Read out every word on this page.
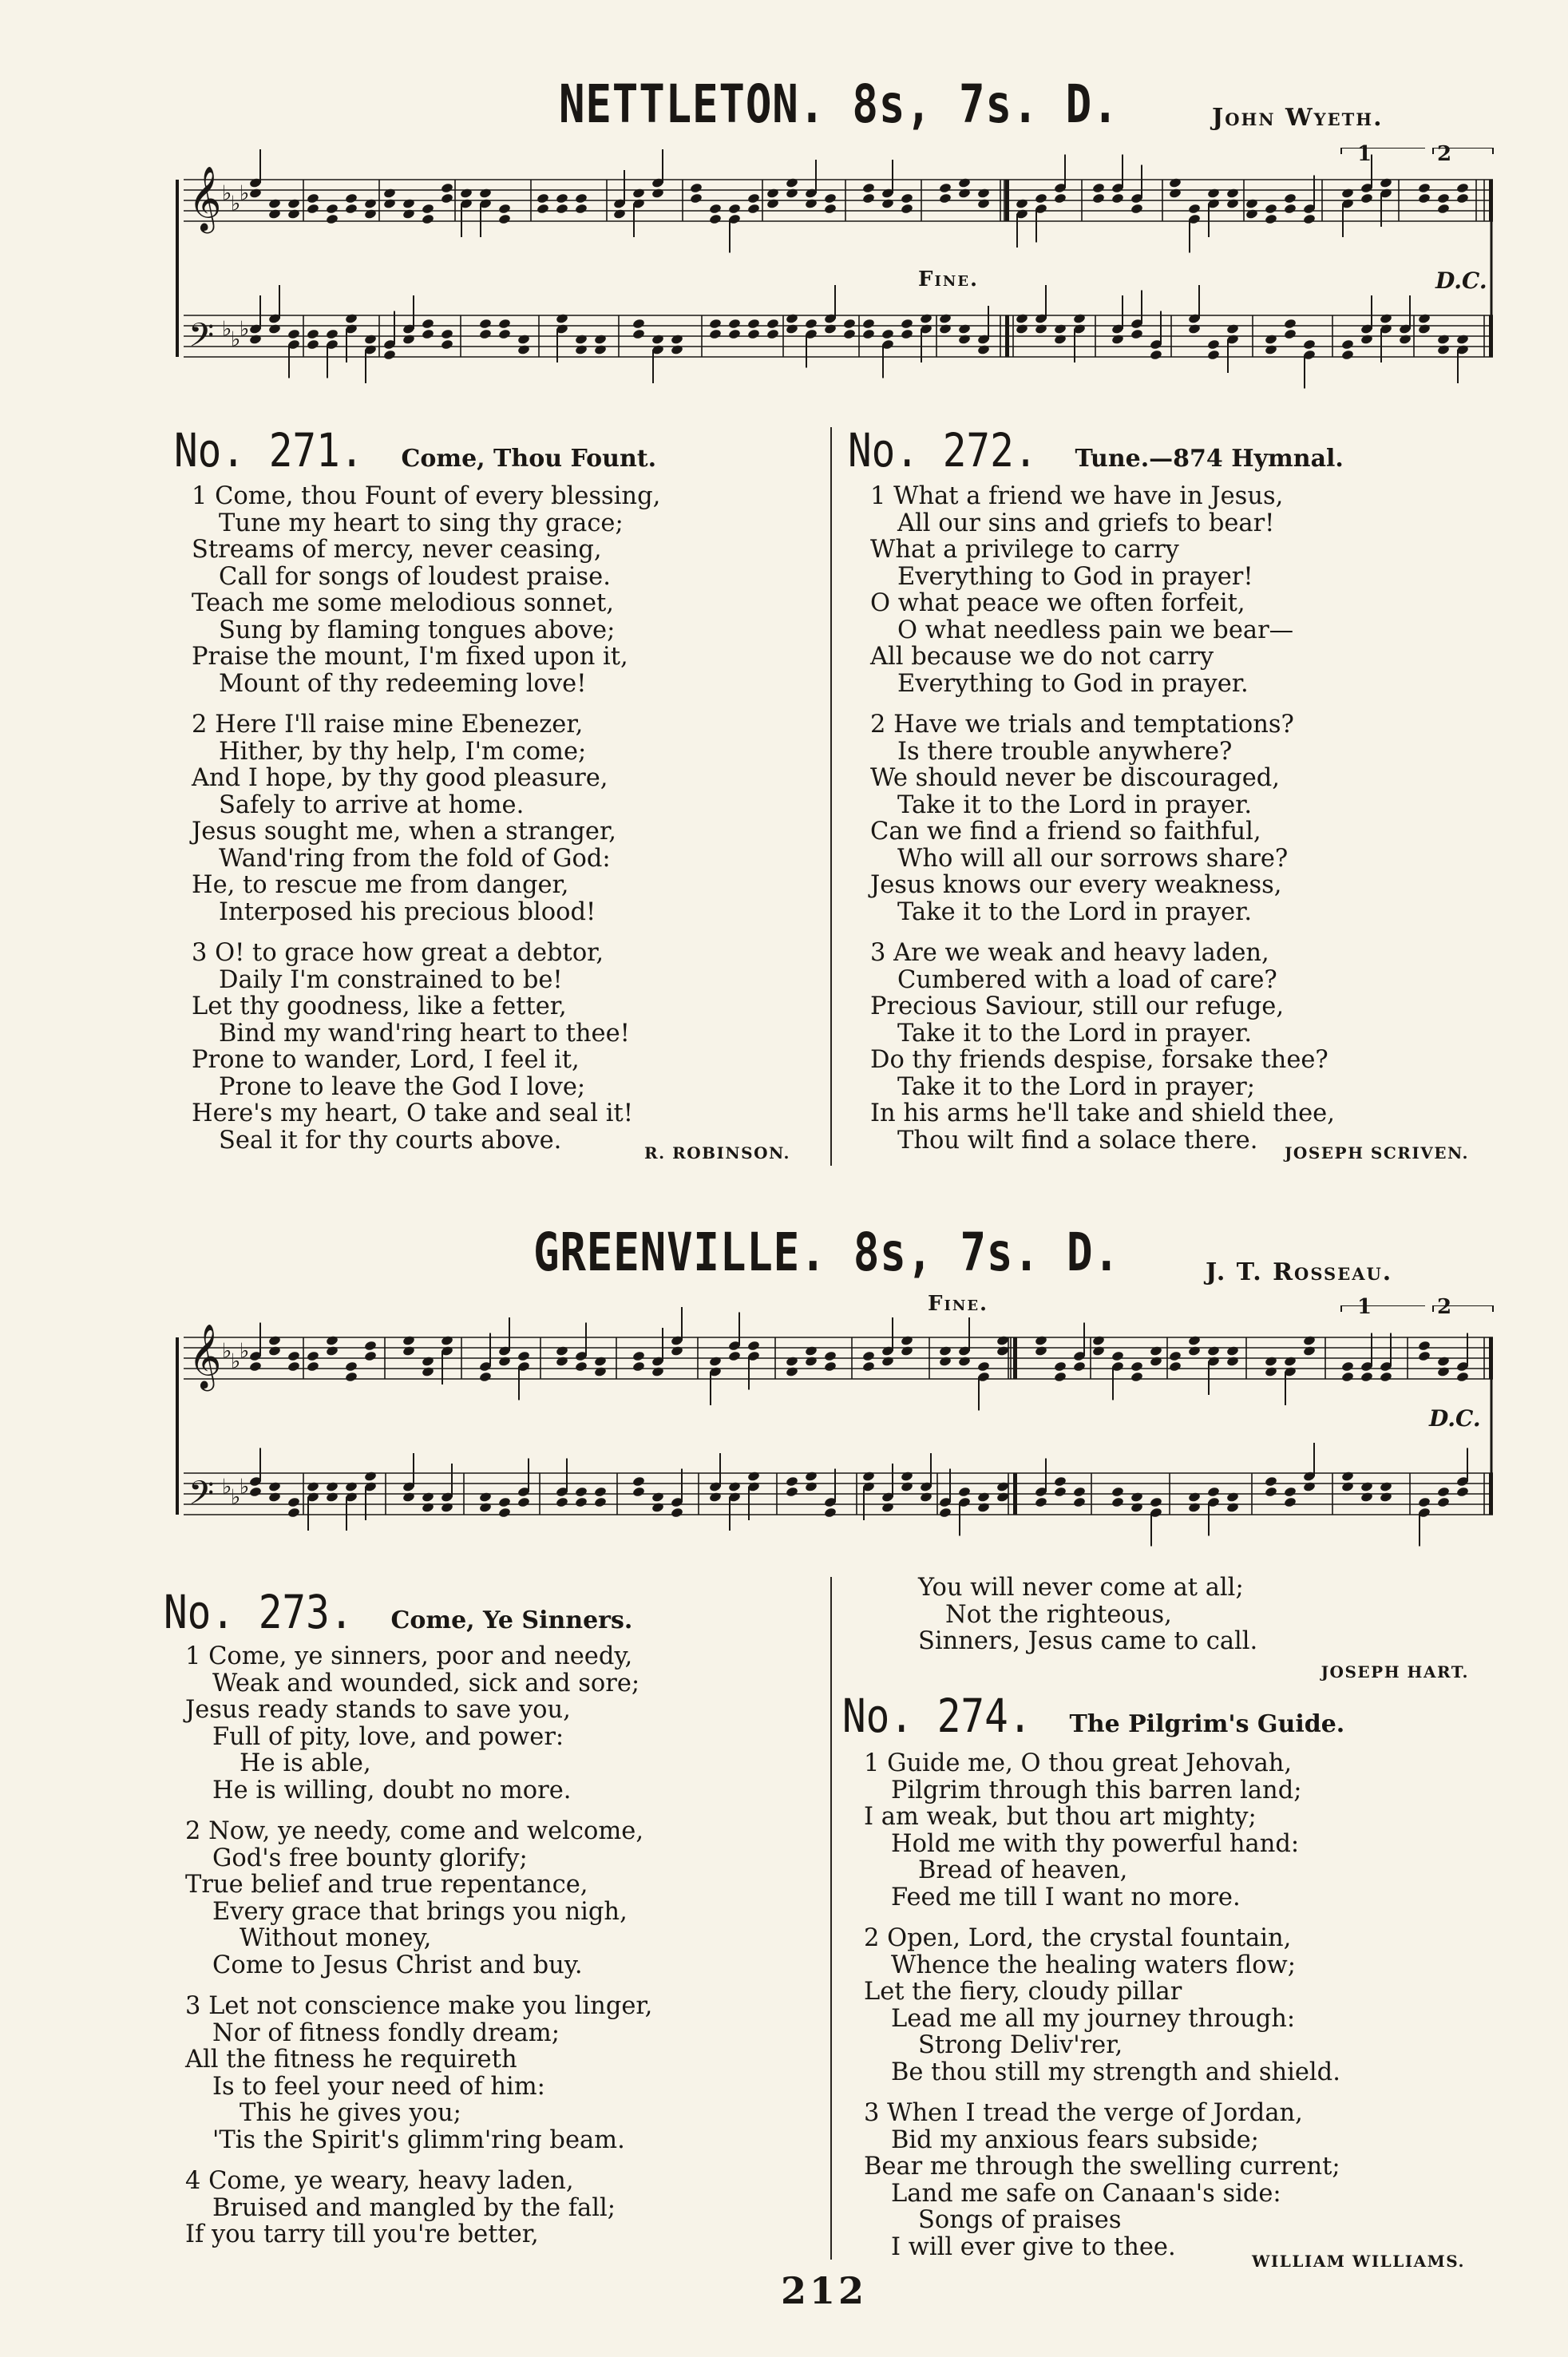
NETTLETON. 8s, 7s. D.	John Wyeth.
𝄞 ♭
♭
♭
𝄢 ♭
♭
♭
Fine.	D.C.
1	2
No. 271. Come, Thou Fount.
1 Come, thou Fount of every blessing,
Tune my heart to sing thy grace;
Streams of mercy, never ceasing,
Call for songs of loudest praise.
Teach me some melodious sonnet,
Sung by flaming tongues above;
Praise the mount, I'm fixed upon it,
Mount of thy redeeming love!
2 Here I'll raise mine Ebenezer,
Hither, by thy help, I'm come;
And I hope, by thy good pleasure,
Safely to arrive at home.
Jesus sought me, when a stranger,
Wand'ring from the fold of God:
He, to rescue me from danger,
Interposed his precious blood!
3 O! to grace how great a debtor,
Daily I'm constrained to be!
Let thy goodness, like a fetter,
Bind my wand'ring heart to thee!
Prone to wander, Lord, I feel it,
Prone to leave the God I love;
Here's my heart, O take and seal it!
Seal it for thy courts above.	R. ROBINSON.
No. 272. Tune.—874 Hymnal.
1 What a friend we have in Jesus,
All our sins and griefs to bear!
What a privilege to carry
Everything to God in prayer!
O what peace we often forfeit,
O what needless pain we bear—
All because we do not carry
Everything to God in prayer.
2 Have we trials and temptations?
Is there trouble anywhere?
We should never be discouraged,
Take it to the Lord in prayer.
Can we find a friend so faithful,
Who will all our sorrows share?
Jesus knows our every weakness,
Take it to the Lord in prayer.
3 Are we weak and heavy laden,
Cumbered with a load of care?
Precious Saviour, still our refuge,
Take it to the Lord in prayer.
Do thy friends despise, forsake thee?
Take it to the Lord in prayer;
In his arms he'll take and shield thee,
Thou wilt find a solace there.	JOSEPH SCRIVEN.
GREENVILLE. 8s, 7s. D.	J. T. Rosseau.
𝄞 ♭
♭
♭
𝄢 ♭
♭
♭
Fine.
D.C.
1	2
No. 273. Come, Ye Sinners.
1 Come, ye sinners, poor and needy,
Weak and wounded, sick and sore;
Jesus ready stands to save you,
Full of pity, love, and power:
He is able,
He is willing, doubt no more.
2 Now, ye needy, come and welcome,
God's free bounty glorify;
True belief and true repentance,
Every grace that brings you nigh,
Without money,
Come to Jesus Christ and buy.
3 Let not conscience make you linger,
Nor of fitness fondly dream;
All the fitness he requireth
Is to feel your need of him:
This he gives you;
'Tis the Spirit's glimm'ring beam.
4 Come, ye weary, heavy laden,
Bruised and mangled by the fall;
If you tarry till you're better,
You will never come at all;
Not the righteous,
Sinners, Jesus came to call.
JOSEPH HART.
No. 274. The Pilgrim's Guide.
1 Guide me, O thou great Jehovah,
Pilgrim through this barren land;
I am weak, but thou art mighty;
Hold me with thy powerful hand:
Bread of heaven,
Feed me till I want no more.
2 Open, Lord, the crystal fountain,
Whence the healing waters flow;
Let the fiery, cloudy pillar
Lead me all my journey through:
Strong Deliv'rer,
Be thou still my strength and shield.
3 When I tread the verge of Jordan,
Bid my anxious fears subside;
Bear me through the swelling current;
Land me safe on Canaan's side:
Songs of praises
I will ever give to thee.
WILLIAM WILLIAMS.
212
